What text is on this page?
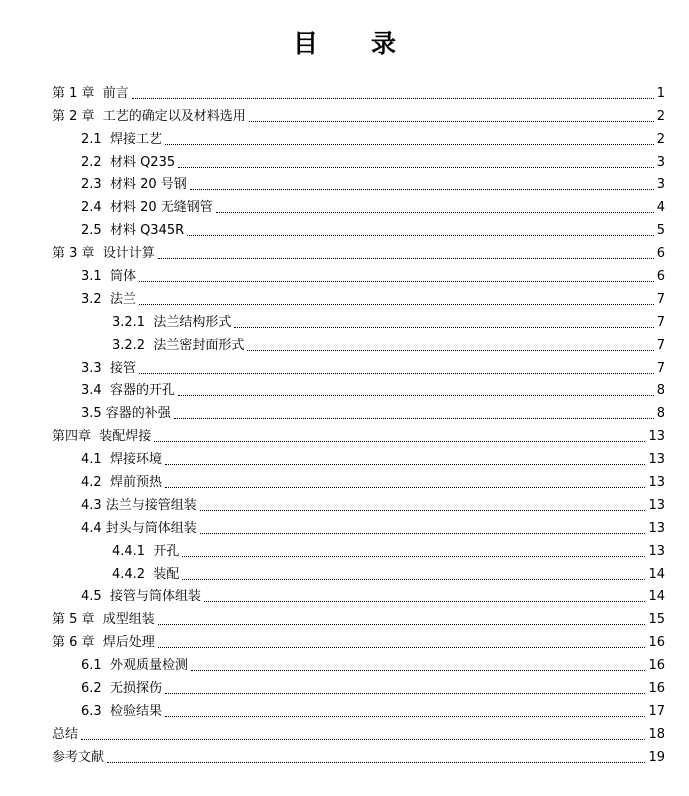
目　录
第 1 章  前言	1
第 2 章  工艺的确定以及材料选用	2
2.1  焊接工艺	2
2.2  材料 Q235	3
2.3  材料 20 号钢	3
2.4  材料 20 无缝钢管	4
2.5  材料 Q345R	5
第 3 章  设计计算	6
3.1  筒体	6
3.2  法兰	7
3.2.1  法兰结构形式	7
3.2.2  法兰密封面形式	7
3.3  接管	7
3.4  容器的开孔	8
3.5 容器的补强	8
第四章  装配焊接	13
4.1  焊接环境	13
4.2  焊前预热	13
4.3 法兰与接管组装	13
4.4 封头与筒体组装	13
4.4.1  开孔	13
4.4.2  装配	14
4.5  接管与筒体组装	14
第 5 章  成型组装	15
第 6 章  焊后处理	16
6.1  外观质量检测	16
6.2  无损探伤	16
6.3  检验结果	17
总结	18
参考文献	19
